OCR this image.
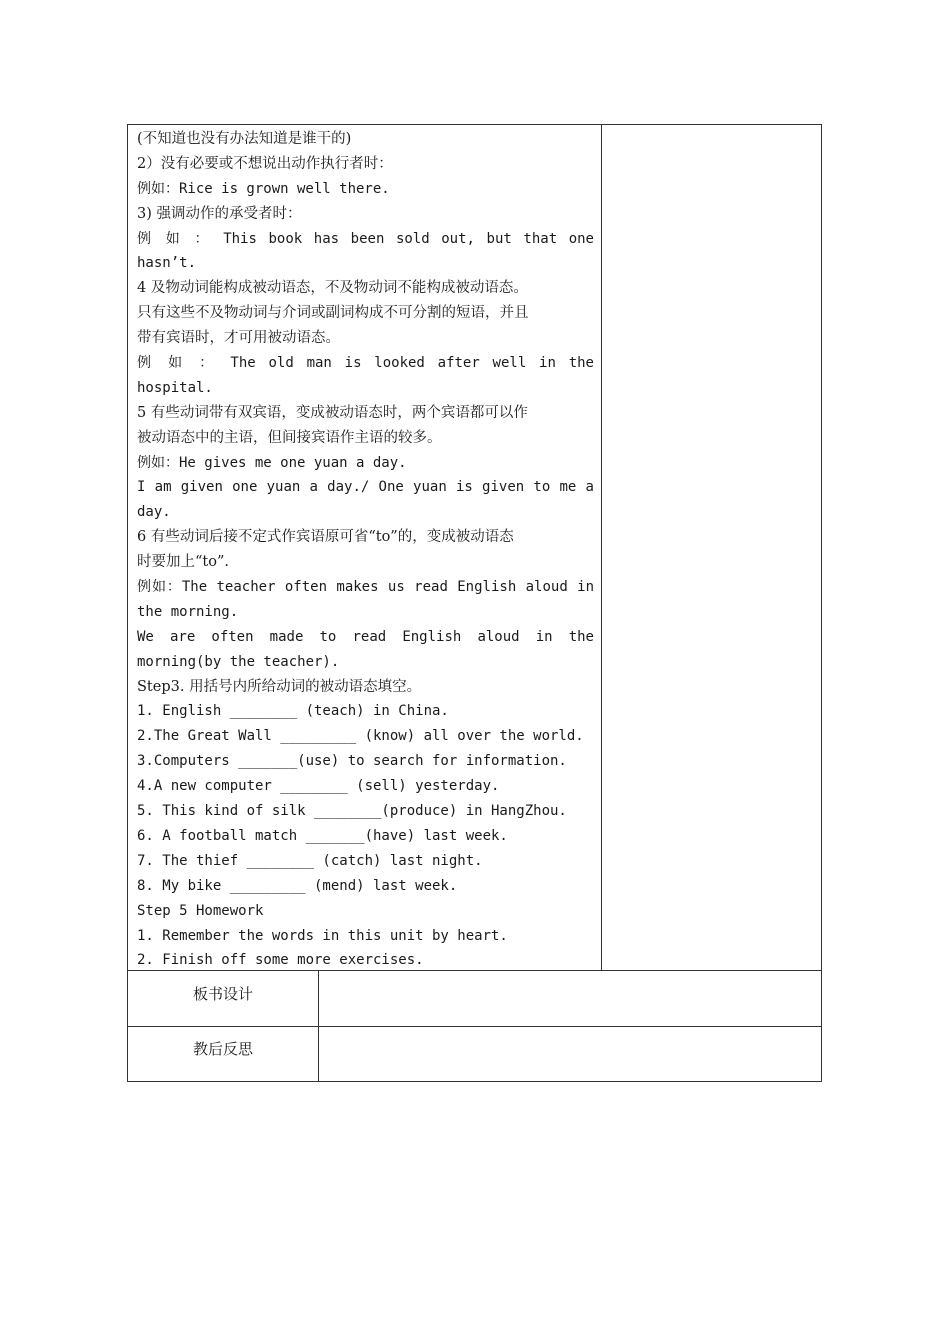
(不知道也没有办法知道是谁干的)
2）没有必要或不想说出动作执行者时：
例如：Rice is grown well there.
3) 强调动作的承受者时：
例 如 ： This book has been sold out, but that one
hasn’t.
4 及物动词能构成被动语态，不及物动词不能构成被动语态。
只有这些不及物动词与介词或副词构成不可分割的短语，并且
带有宾语时，才可用被动语态。
例 如 ： The old man is looked after well in the
hospital.
5 有些动词带有双宾语，变成被动语态时，两个宾语都可以作
被动语态中的主语，但间接宾语作主语的较多。
例如：He gives me one yuan a day.
I am given one yuan a day./ One yuan is given to me a
day.
6 有些动词后接不定式作宾语原可省“to”的，变成被动语态
时要加上“to”.
例如：The teacher often makes us read English aloud in
the morning.
We are often made to read English aloud in the
morning(by the teacher).
Step3. 用括号内所给动词的被动语态填空。
1. English ________ (teach) in China.
2.The Great Wall _________ (know) all over the world.
3.Computers _______(use) to search for information.
4.A new computer ________ (sell) yesterday.
5. This kind of silk ________(produce) in HangZhou.
6. A football match _______(have) last week.
7. The thief ________ (catch) last night.
8. My bike _________ (mend) last week.
Step 5 Homework
1. Remember the words in this unit by heart.
2. Finish off some more exercises.
板书设计
教后反思
